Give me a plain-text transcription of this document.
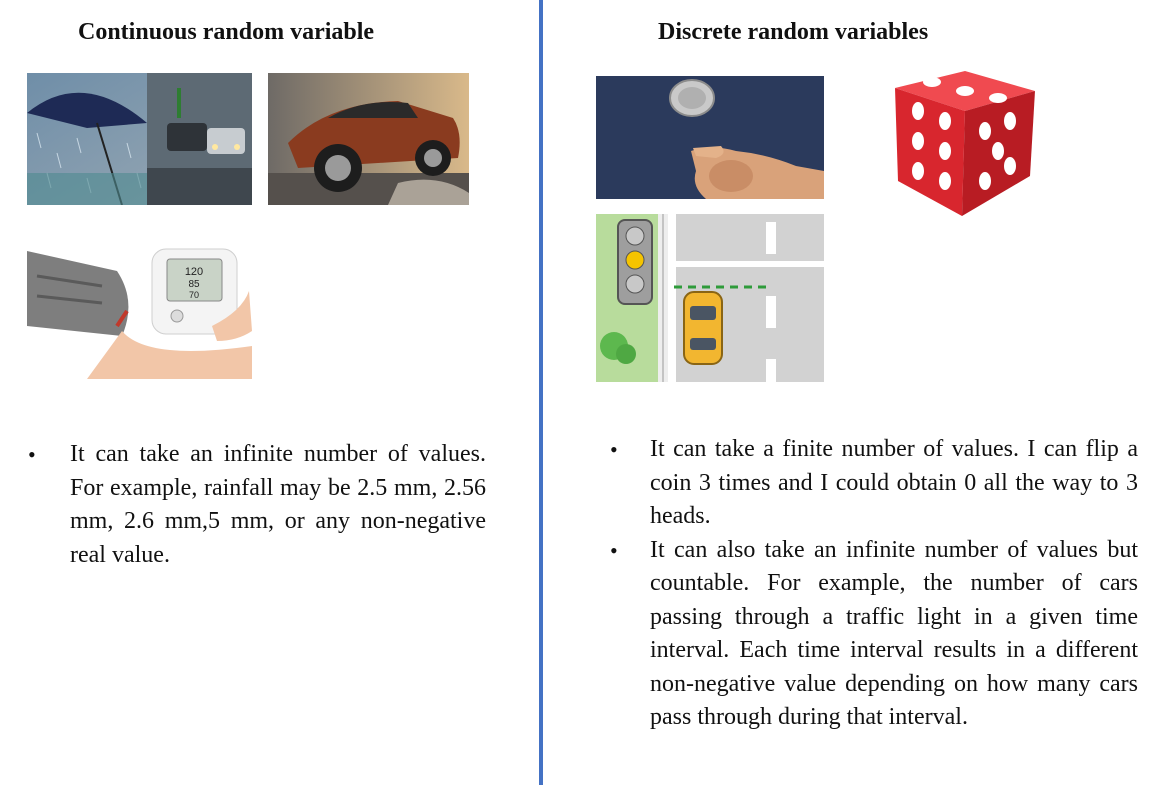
Continuous random variable
120
85
70
• It can take an infinite number of values. For example, rainfall may be 2.5 mm, 2.56 mm, 2.6 mm,5 mm, or any non-negative real value.
Discrete random variables
• It can take a finite number of values. I can flip a coin 3 times and I could obtain 0 all the way to 3 heads.
• It can also take an infinite number of values but countable. For example, the number of cars passing through a traffic light in a given time interval. Each time interval results in a different non-negative value depending on how many cars pass through during that interval.
